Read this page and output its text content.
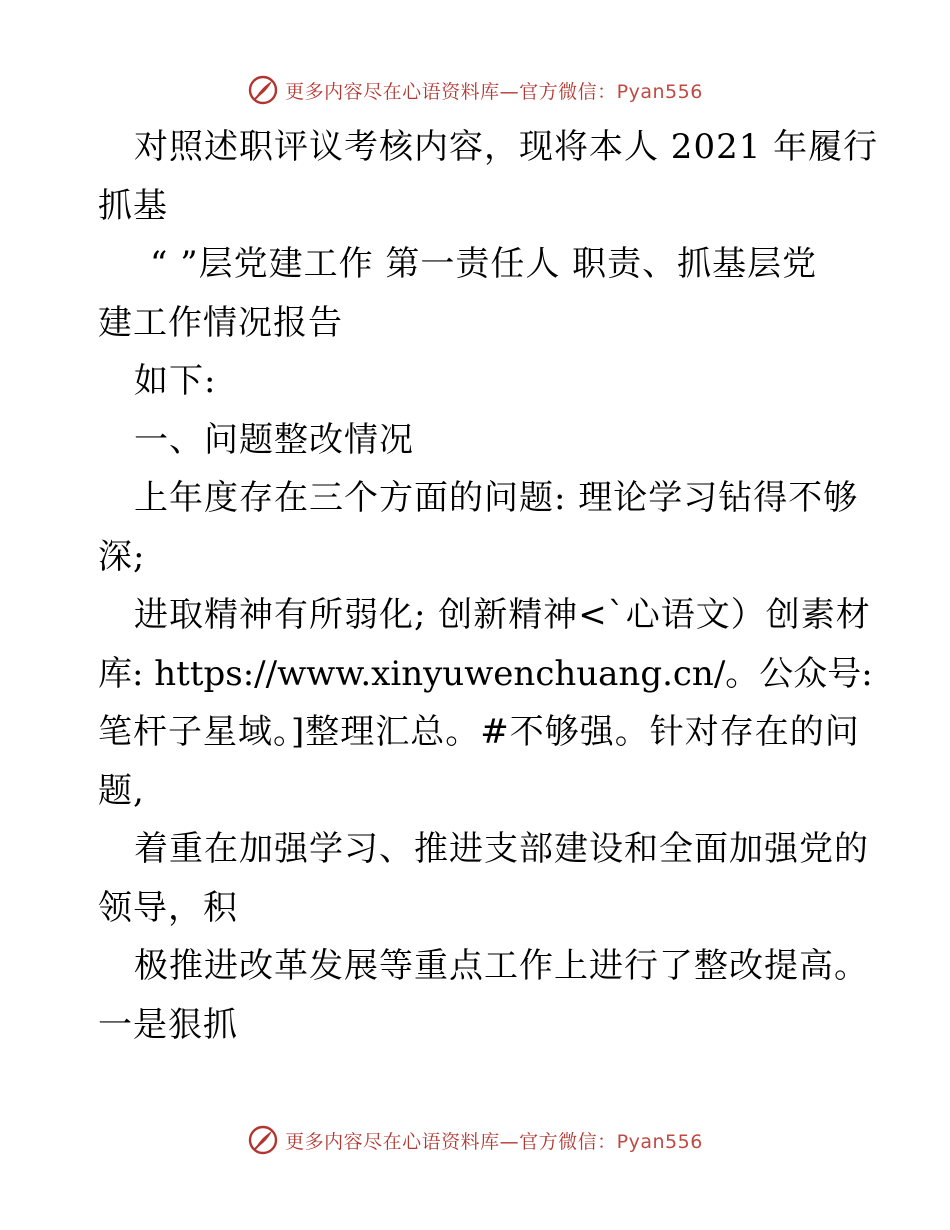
更多内容尽在心语资料库—官方微信：Pyan556
对照述职评议考核内容，现将本人 2021 年履行
抓基
“ ”层党建工作 第一责任人 职责、抓基层党
建工作情况报告
如下:
一、问题整改情况
上年度存在三个方面的问题: 理论学习钻得不够
深;
进取精神有所弱化; 创新精神<`心语文）创素材
库: https://www.xinyuwenchuang.cn/。公众号:
笔杆子星域。]整理汇总。#不够强。针对存在的问
题,
着重在加强学习、推进支部建设和全面加强党的
领导，积
极推进改革发展等重点工作上进行了整改提高。
一是狠抓
更多内容尽在心语资料库—官方微信：Pyan556
